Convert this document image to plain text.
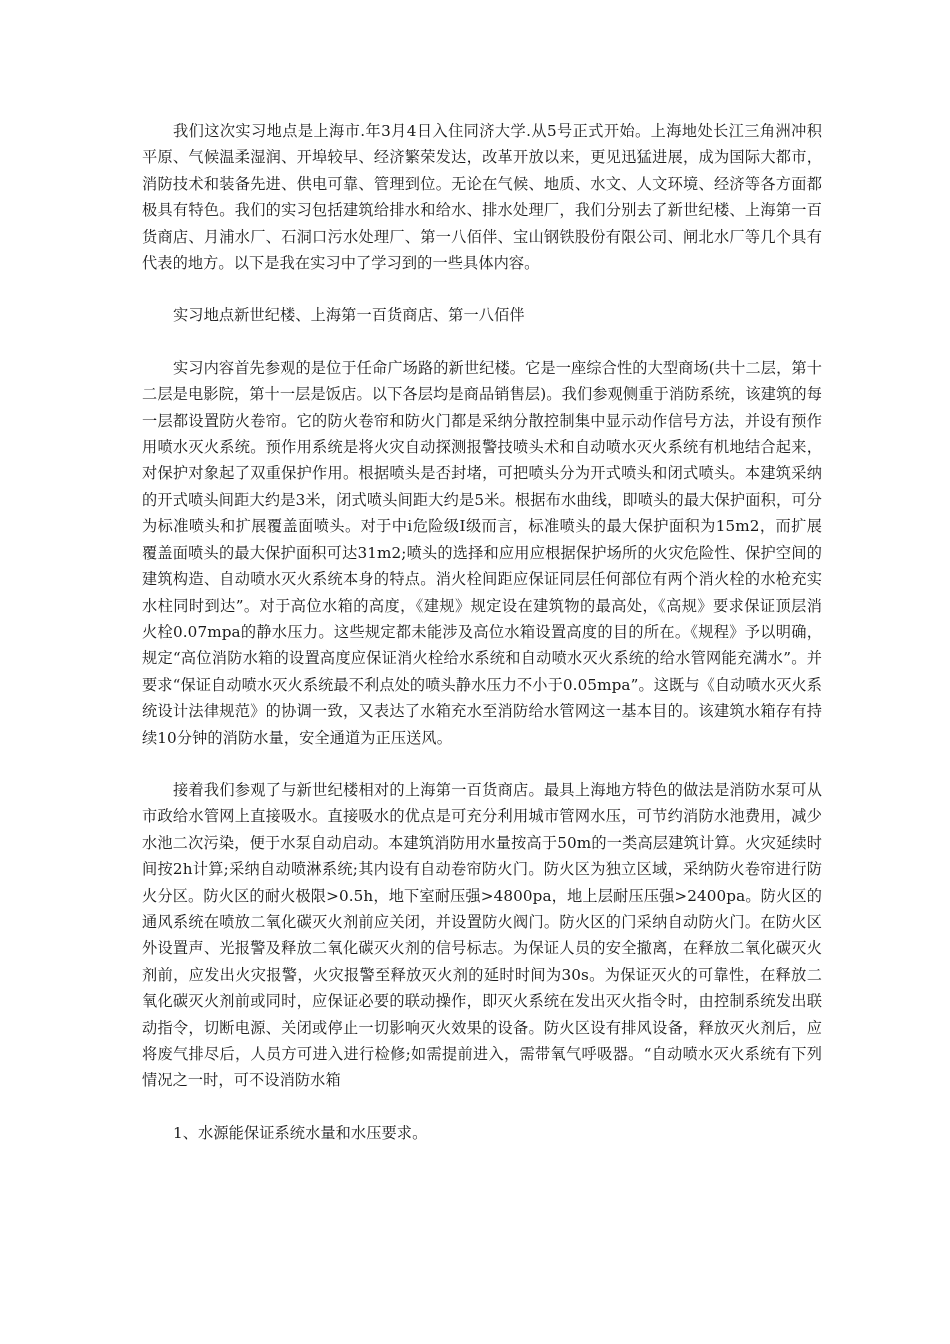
我们这次实习地点是上海市.年3月4日入住同济大学.从5号正式开始。上海地处长江三角洲冲积平原、气候温柔湿润、开埠较早、经济繁荣发达，改革开放以来，更见迅猛进展，成为国际大都市，消防技术和装备先进、供电可靠、管理到位。无论在气候、地质、水文、人文环境、经济等各方面都极具有特色。我们的实习包括建筑给排水和给水、排水处理厂，我们分别去了新世纪楼、上海第一百货商店、月浦水厂、石洞口污水处理厂、第一八佰伴、宝山钢铁股份有限公司、闸北水厂等几个具有代表的地方。以下是我在实习中了学习到的一些具体内容。

实习地点新世纪楼、上海第一百货商店、第一八佰伴

实习内容首先参观的是位于任命广场路的新世纪楼。它是一座综合性的大型商场(共十二层，第十二层是电影院，第十一层是饭店。以下各层均是商品销售层)。我们参观侧重于消防系统，该建筑的每一层都设置防火卷帘。它的防火卷帘和防火门都是采纳分散控制集中显示动作信号方法，并设有预作用喷水灭火系统。预作用系统是将火灾自动探测报警技喷头术和自动喷水灭火系统有机地结合起来，对保护对象起了双重保护作用。根据喷头是否封堵，可把喷头分为开式喷头和闭式喷头。本建筑采纳的开式喷头间距大约是3米，闭式喷头间距大约是5米。根据布水曲线，即喷头的最大保护面积，可分为标准喷头和扩展覆盖面喷头。对于中ⅰ危险级Ⅰ级而言，标准喷头的最大保护面积为15m2，而扩展覆盖面喷头的最大保护面积可达31m2;喷头的选择和应用应根据保护场所的火灾危险性、保护空间的建筑构造、自动喷水灭火系统本身的特点。消火栓间距应保证同层任何部位有两个消火栓的水枪充实水柱同时到达”。对于高位水箱的高度，《建规》规定设在建筑物的最高处，《高规》要求保证顶层消火栓0.07mpa的静水压力。这些规定都未能涉及高位水箱设置高度的目的所在。《规程》予以明确，规定“高位消防水箱的设置高度应保证消火栓给水系统和自动喷水灭火系统的给水管网能充满水”。并要求“保证自动喷水灭火系统最不利点处的喷头静水压力不小于0.05mpa”。这既与《自动喷水灭火系统设计法律规范》的协调一致，又表达了水箱充水至消防给水管网这一基本目的。该建筑水箱存有持续10分钟的消防水量，安全通道为正压送风。

接着我们参观了与新世纪楼相对的上海第一百货商店。最具上海地方特色的做法是消防水泵可从市政给水管网上直接吸水。直接吸水的优点是可充分利用城市管网水压，可节约消防水池费用，减少水池二次污染，便于水泵自动启动。本建筑消防用水量按高于50m的一类高层建筑计算。火灾延续时间按2h计算;采纳自动喷淋系统;其内设有自动卷帘防火门。防火区为独立区域，采纳防火卷帘进行防火分区。防火区的耐火极限>0.5h，地下室耐压强>4800pa，地上层耐压压强>2400pa。防火区的通风系统在喷放二氧化碳灭火剂前应关闭，并设置防火阀门。防火区的门采纳自动防火门。在防火区外设置声、光报警及释放二氧化碳灭火剂的信号标志。为保证人员的安全撤离，在释放二氧化碳灭火剂前，应发出火灾报警，火灾报警至释放灭火剂的延时时间为30s。为保证灭火的可靠性，在释放二氧化碳灭火剂前或同时，应保证必要的联动操作，即灭火系统在发出灭火指令时，由控制系统发出联动指令，切断电源、关闭或停止一切影响灭火效果的设备。防火区设有排风设备，释放灭火剂后，应将废气排尽后，人员方可进入进行检修;如需提前进入，需带氧气呼吸器。“自动喷水灭火系统有下列情况之一时，可不设消防水箱

1、水源能保证系统水量和水压要求。
